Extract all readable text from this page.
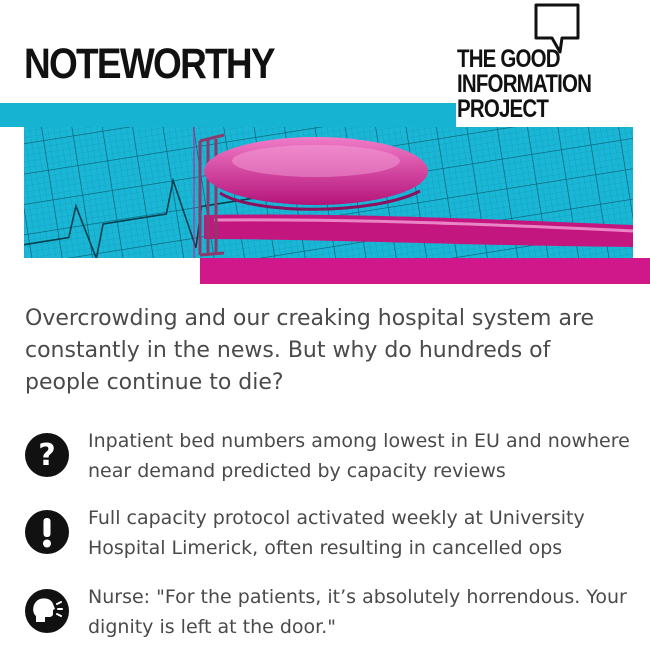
NOTEWORTHY	THE GOOD

INFORMATION

PROJECT

Overcrowding and our creaking hospital system are constantly in the news. But why do hundreds of people continue to die?

? Inpatient bed numbers among lowest in EU and nowhere near demand predicted by capacity reviews

Full capacity protocol activated weekly at University Hospital Limerick, often resulting in cancelled ops

Nurse: "For the patients, it’s absolutely horrendous. Your dignity is left at the door."
